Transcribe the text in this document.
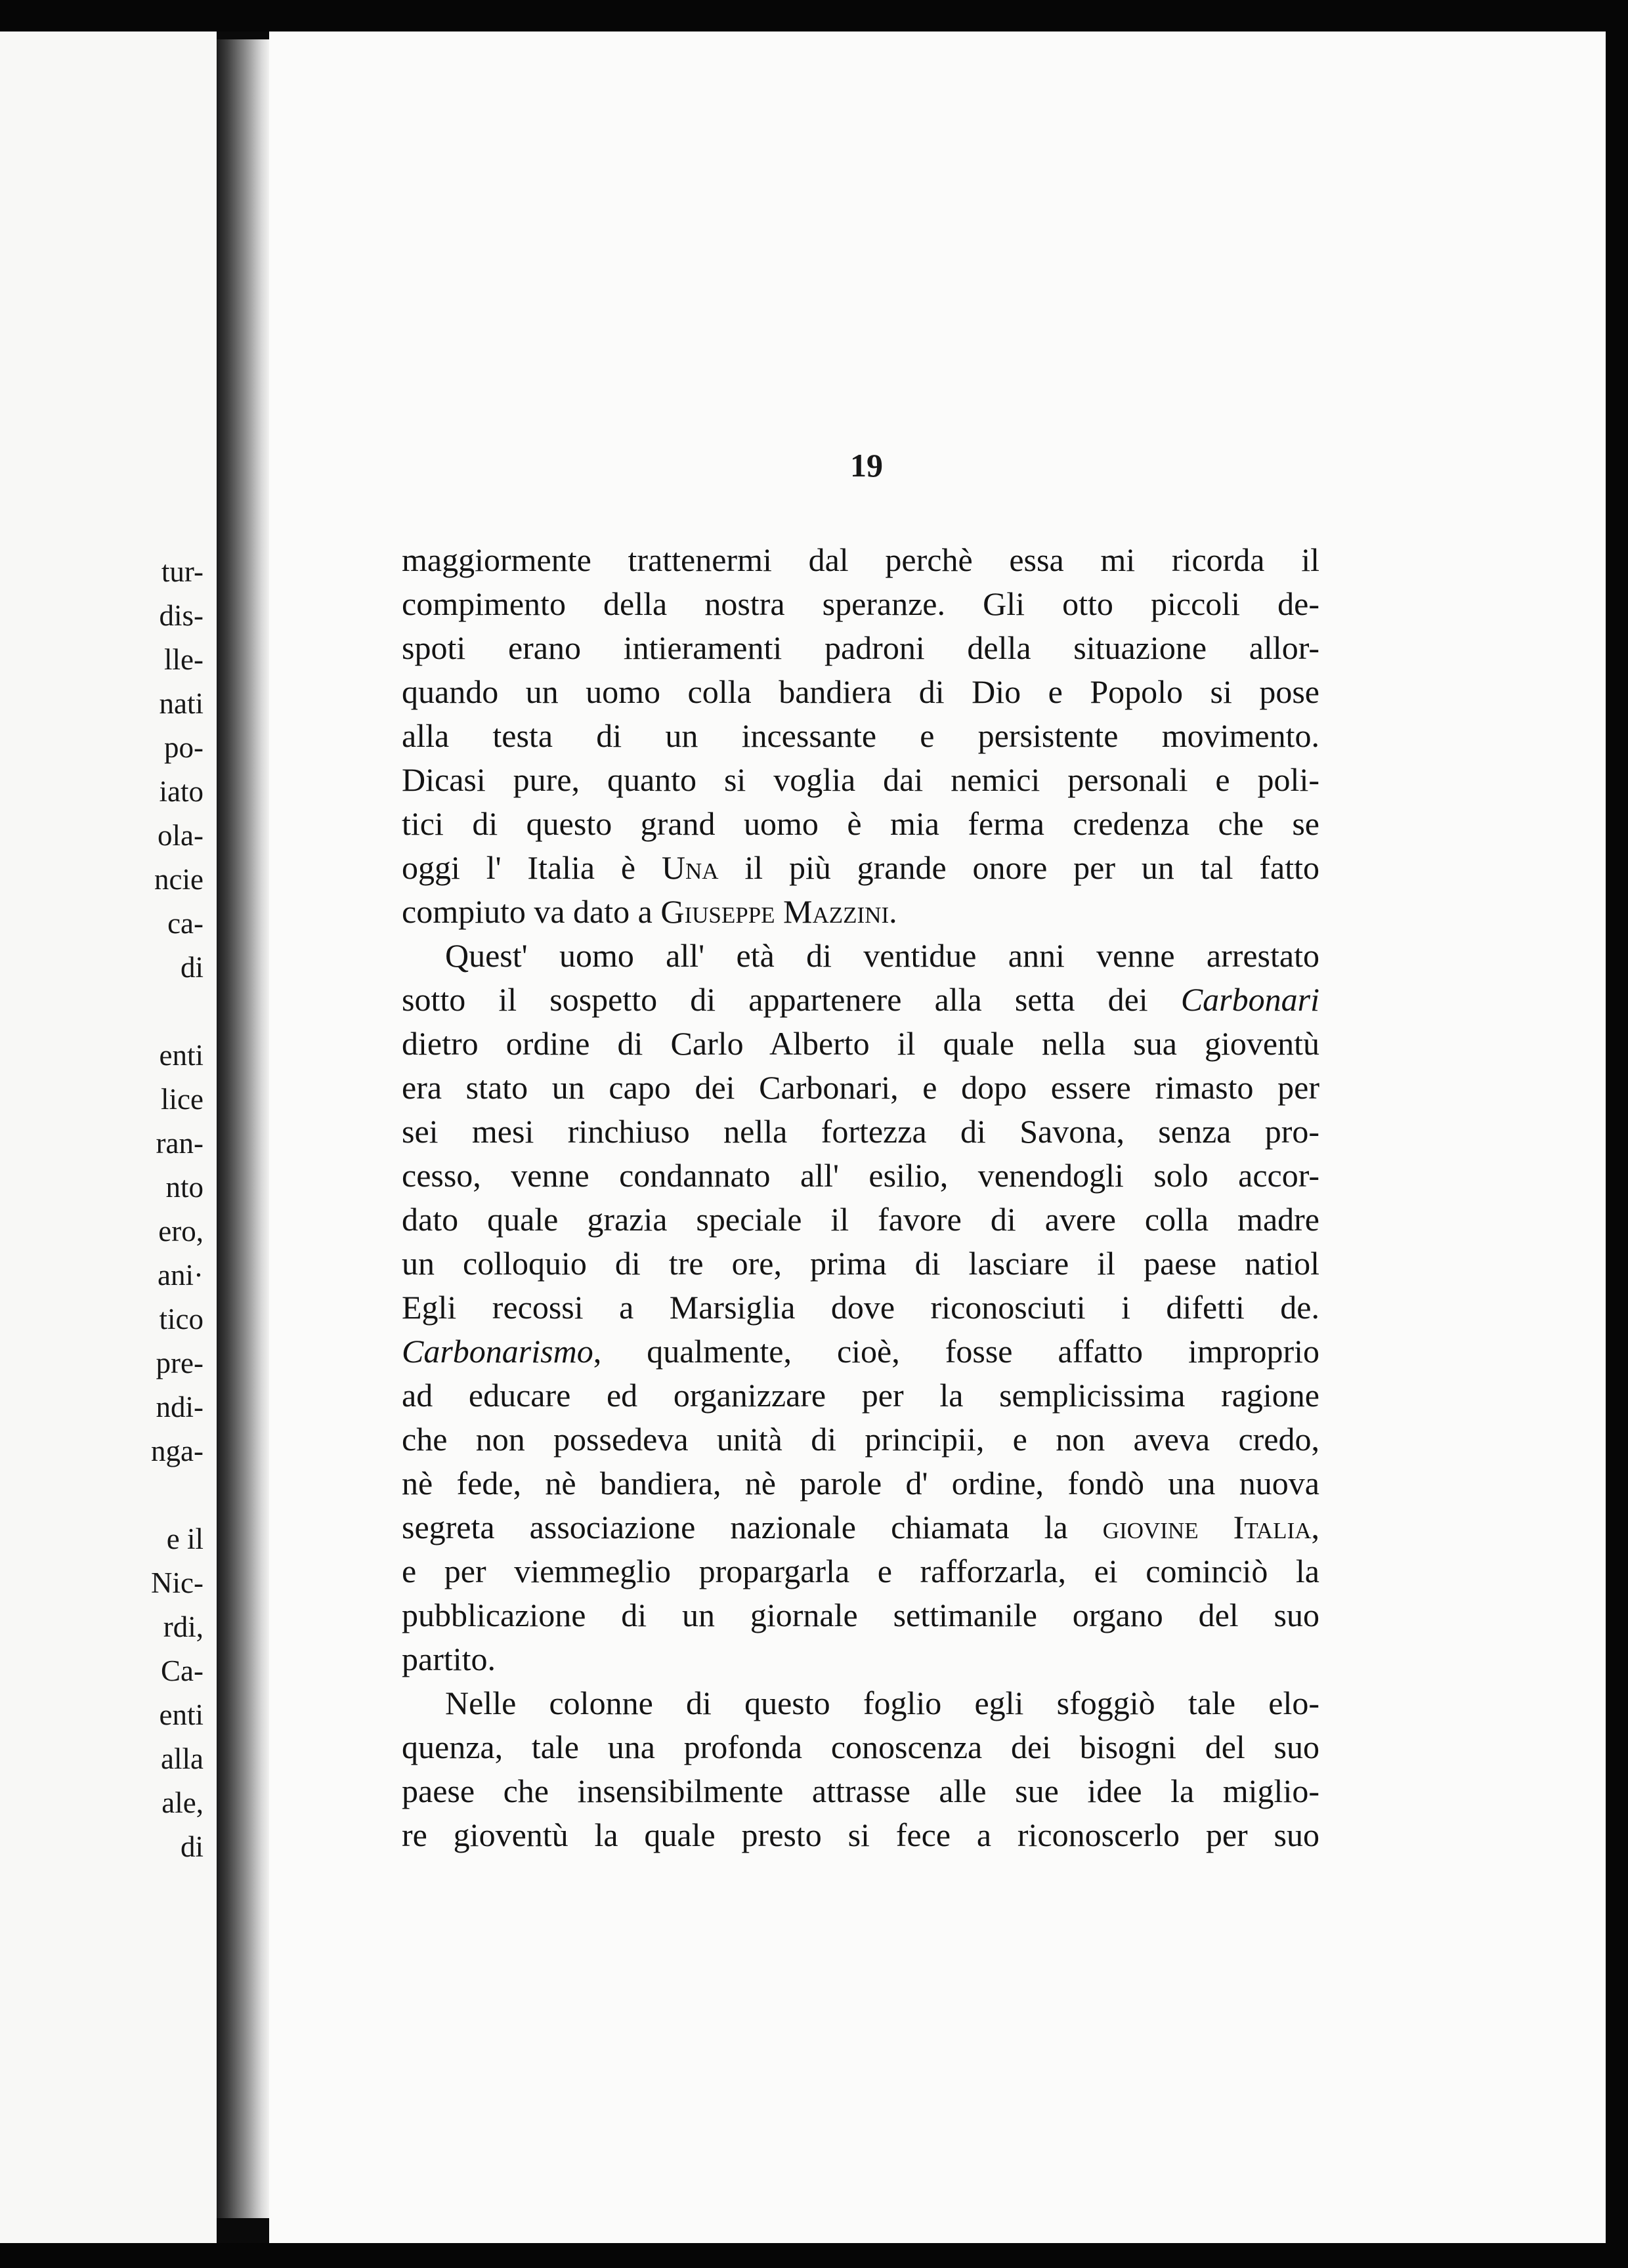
tur-
dis-
lle-
nati
po-
iato
ola-
ncie
ca-
di
enti
lice
ran-
nto
ero,
ani·
tico
pre-
ndi-
nga-
e il
Nic-
rdi,
Ca-
enti
alla
ale,
di
19
maggiormente trattenermi dal perchè essa mi ricorda il
compimento della nostra speranze. Gli otto piccoli de-
spoti erano intieramenti padroni della situazione allor-
quando un uomo colla bandiera di Dio e Popolo si pose
alla testa di un incessante e persistente movimento.
Dicasi pure, quanto si voglia dai nemici personali e poli-
tici di questo grand uomo è mia ferma credenza che se
oggi l' Italia è Una il più grande onore per un tal fatto
compiuto va dato a Giuseppe Mazzini.
Quest' uomo all' età di ventidue anni venne arrestato
sotto il sospetto di appartenere alla setta dei Carbonari
dietro ordine di Carlo Alberto il quale nella sua gioventù
era stato un capo dei Carbonari, e dopo essere rimasto per
sei mesi rinchiuso nella fortezza di Savona, senza pro-
cesso, venne condannato all' esilio, venendogli solo accor-
dato quale grazia speciale il favore di avere colla madre
un colloquio di tre ore, prima di lasciare il paese natiol
Egli recossi a Marsiglia dove riconosciuti i difetti de.
Carbonarismo, qualmente, cioè, fosse affatto improprio
ad educare ed organizzare per la semplicissima ragione
che non possedeva unità di principii, e non aveva credo,
nè fede, nè bandiera, nè parole d' ordine, fondò una nuova
segreta associazione nazionale chiamata la giovine Italia,
e per viemmeglio propargarla e rafforzarla, ei cominciò la
pubblicazione di un giornale settimanile organo del suo
partito.
Nelle colonne di questo foglio egli sfoggiò tale elo-
quenza, tale una profonda conoscenza dei bisogni del suo
paese che insensibilmente attrasse alle sue idee la miglio-
re gioventù la quale presto si fece a riconoscerlo per suo
